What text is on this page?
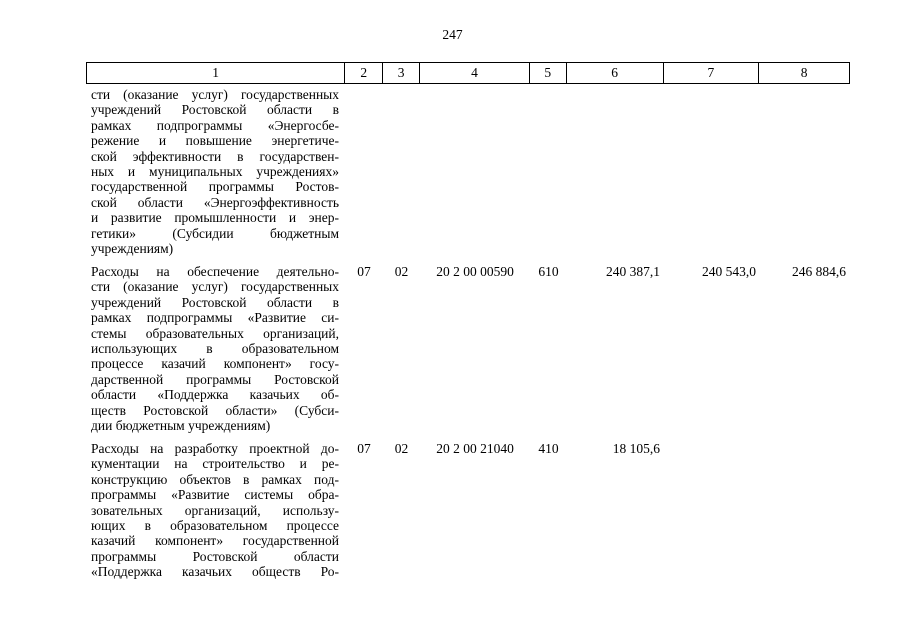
247
1	2	3	4	5	6	7	8
сти (оказание услуг) государственных
учреждений Ростовской области в
рамках подпрограммы «Энергосбе-
режение и повышение энергетиче-
ской эффективности в государствен-
ных и муниципальных учреждениях»
государственной программы Ростов-
ской области «Энергоэффективность
и развитие промышленности и энер-
гетики» (Субсидии бюджетным
учреждениям)
Расходы на обеспечение деятельно-
сти (оказание услуг) государственных
учреждений Ростовской области в
рамках подпрограммы «Развитие си-
стемы образовательных организаций,
использующих в образовательном
процессе казачий компонент» госу-
дарственной программы Ростовской
области «Поддержка казачьих об-
ществ Ростовской области» (Субси-
дии бюджетным учреждениям)
07	02	20 2 00 00590	610	240 387,1	240 543,0	246 884,6
Расходы на разработку проектной до-
кументации на строительство и ре-
конструкцию объектов в рамках под-
программы «Развитие системы обра-
зовательных организаций, использу-
ющих в образовательном процессе
казачий компонент» государственной
программы Ростовской области
«Поддержка казачьих обществ Ро-
07	02	20 2 00 21040	410	18 105,6
